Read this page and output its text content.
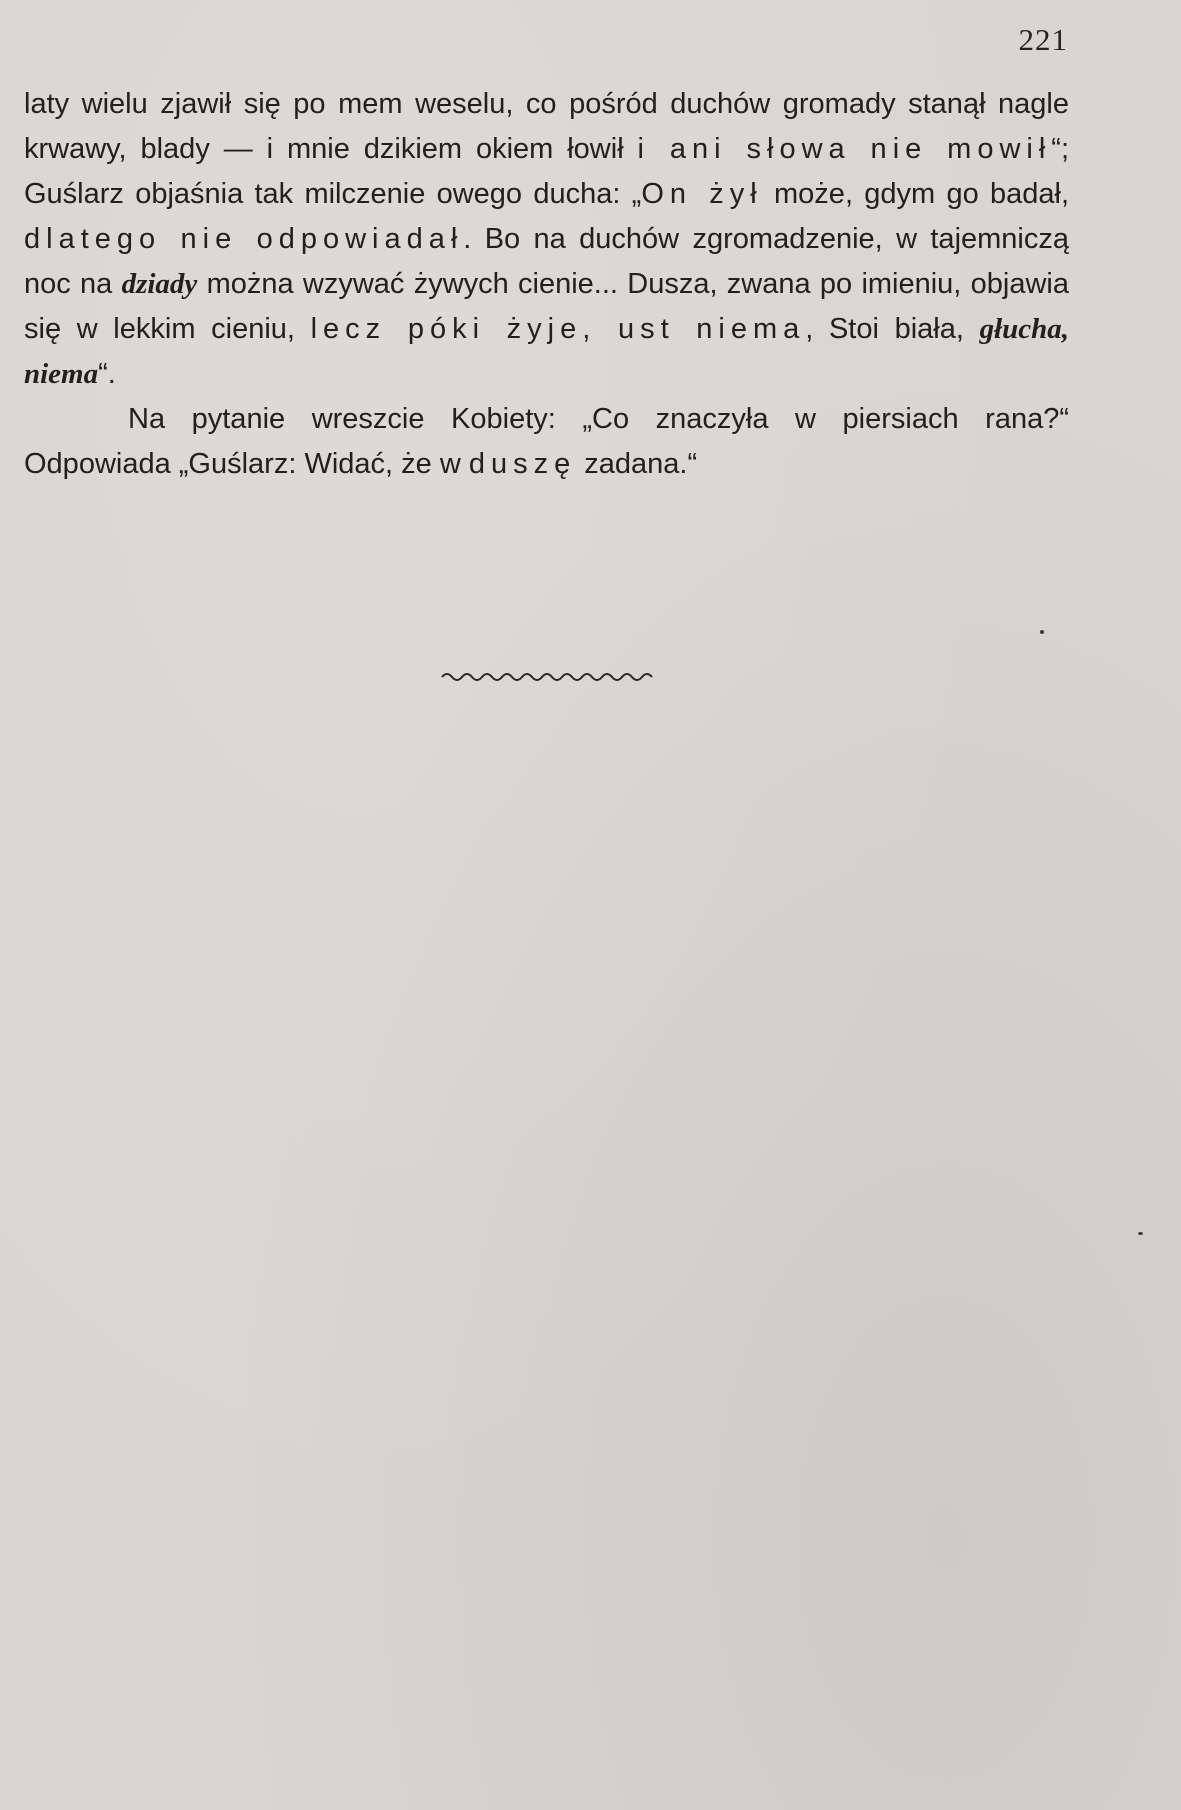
221

laty wielu zjawił się po mem weselu, co pośród duchów gromady stanął nagle krwawy, blady — i mnie dzikiem okiem łowił i ani słowa nie mowił“; Guślarz objaśnia tak milczenie owego ducha: „On żył może, gdym go badał, dlatego nie odpowiadał. Bo na duchów zgromadzenie, w tajemniczą noc na dziady można wzywać żywych cienie... Dusza, zwana po imieniu, objawia się w lekkim cieniu, lecz póki żyje, ust niema, Stoi biała, głucha, niema“.

Na pytanie wreszcie Kobiety: „Co znaczyła w piersiach rana?“ Odpowiada „Guślarz: Widać, że w duszę zadana.“
